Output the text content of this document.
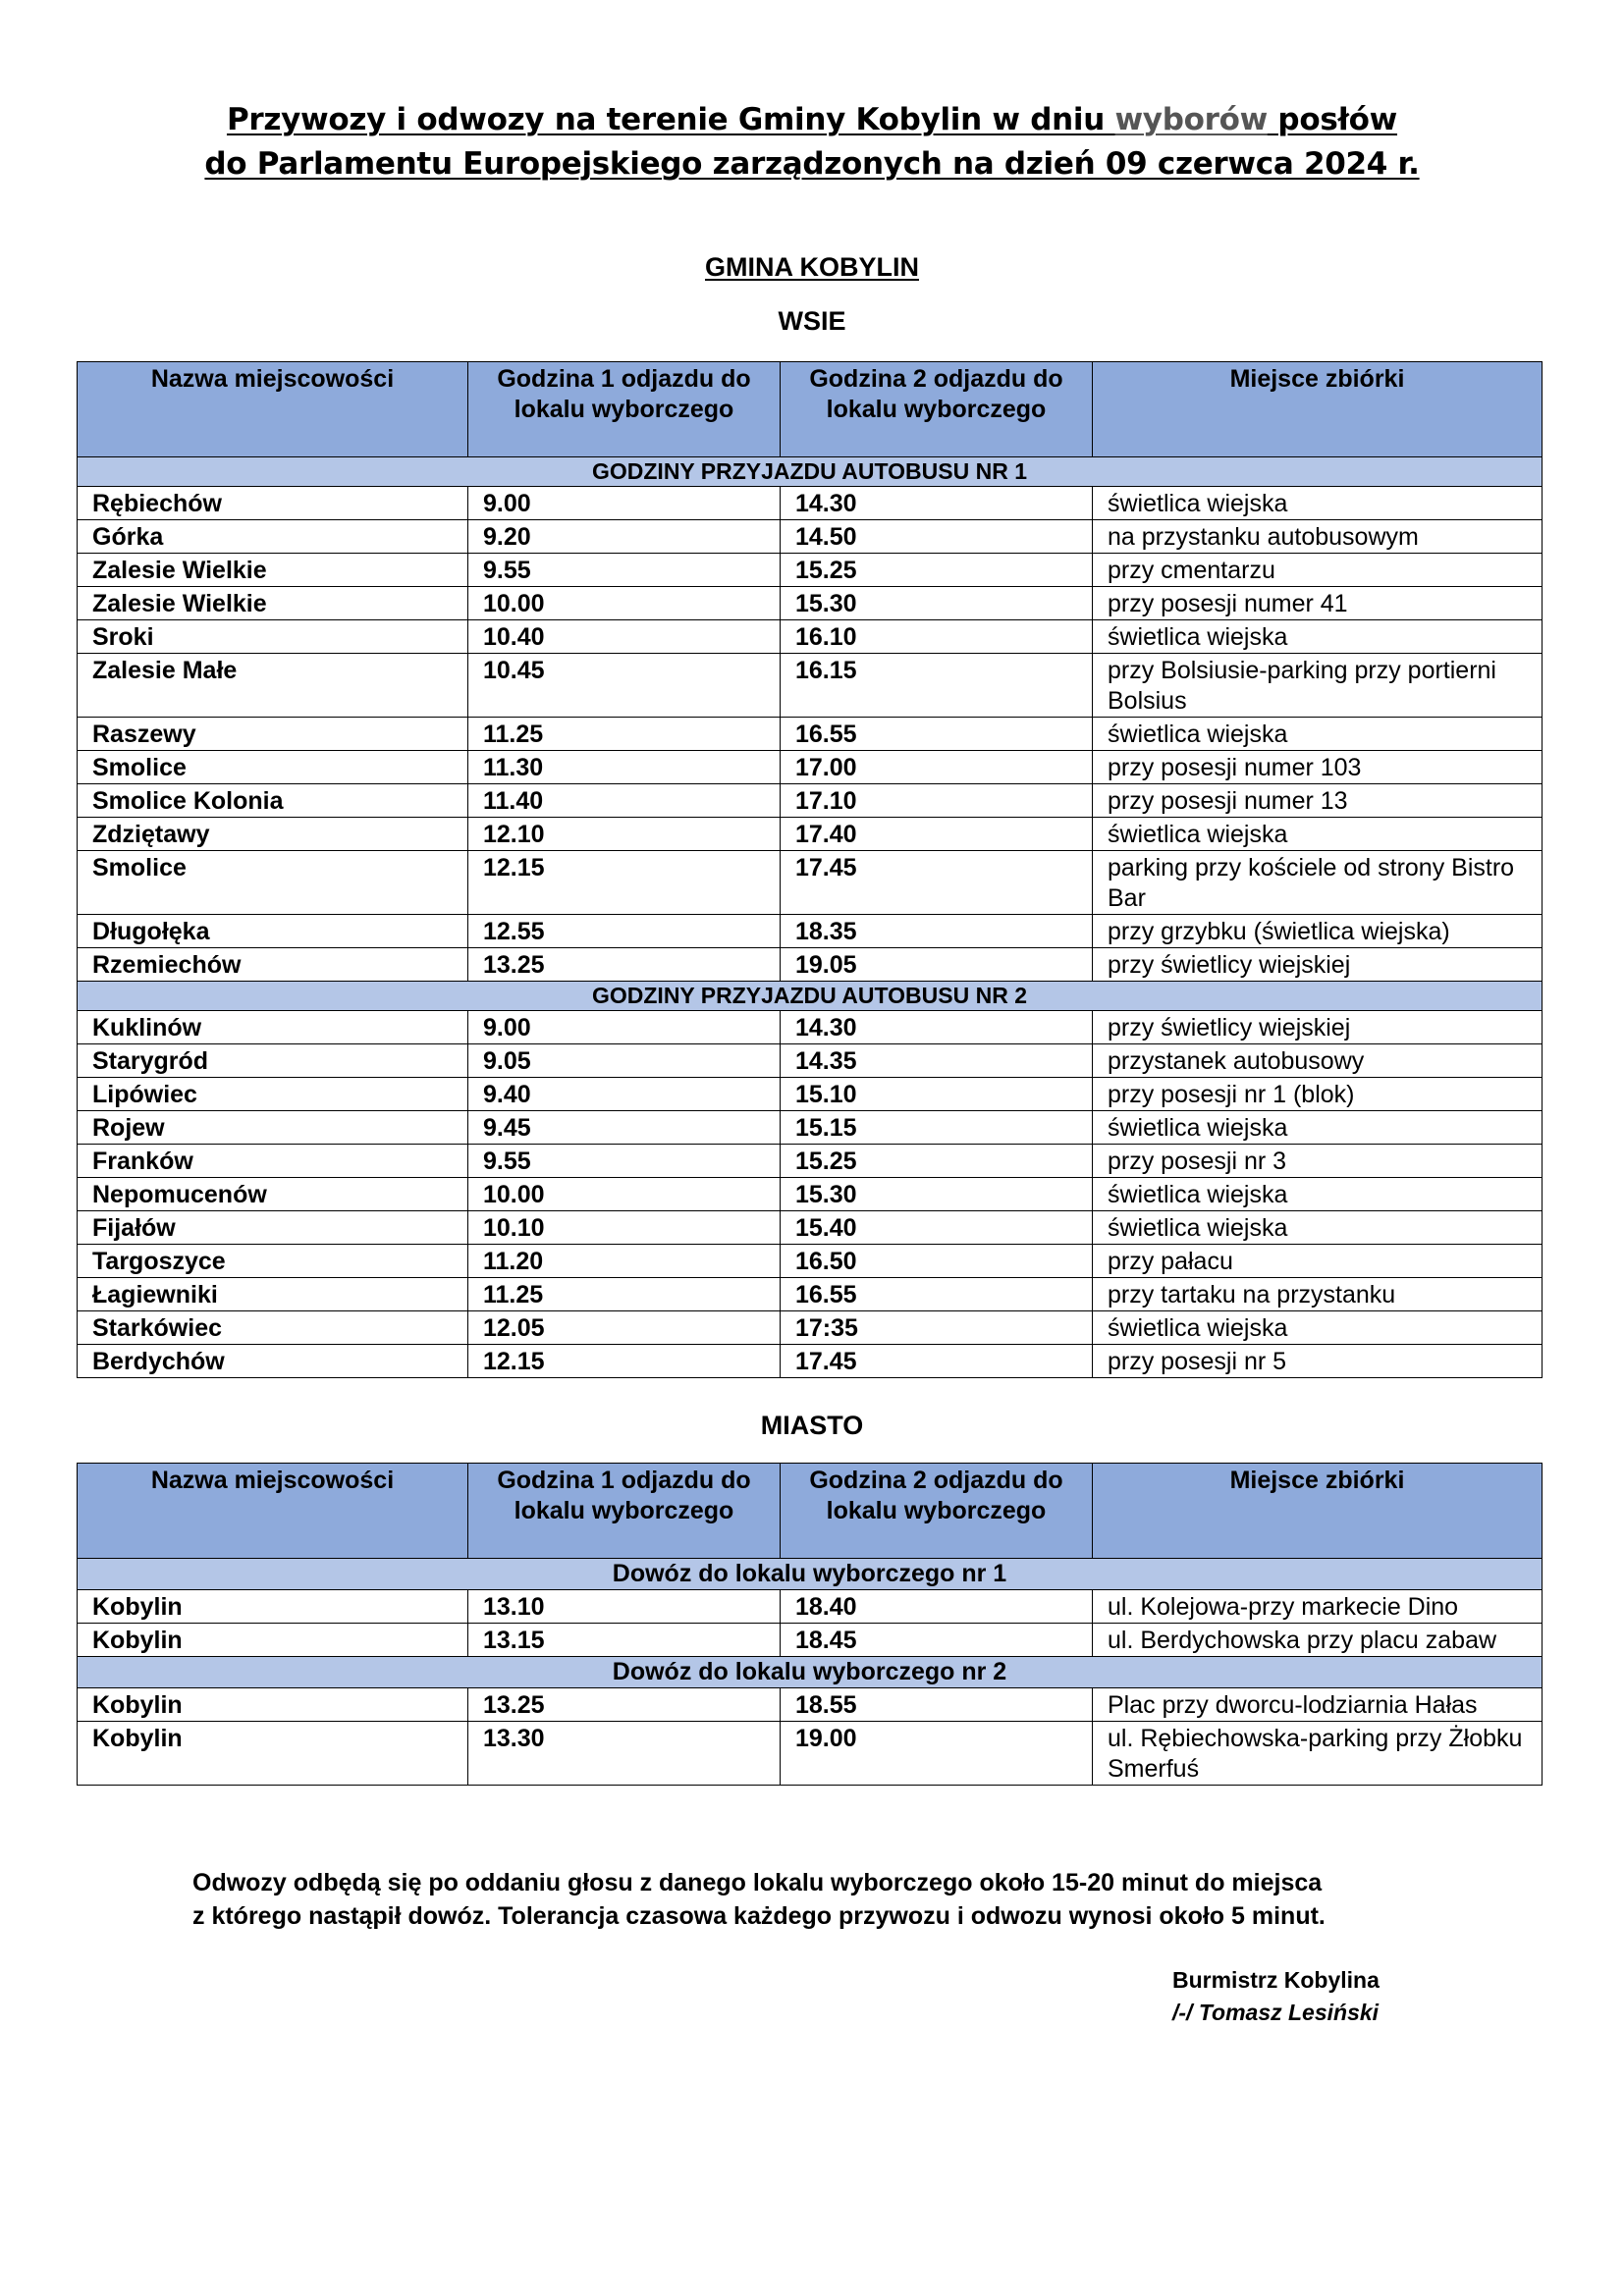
Przywozy i odwozy na terenie Gminy Kobylin w dniu wyborów posłów
do Parlamentu Europejskiego zarządzonych na dzień 09 czerwca 2024 r.
GMINA KOBYLIN
WSIE
Nazwa miejscowości	Godzina 1 odjazdu do lokalu wyborczego	Godzina 2 odjazdu do lokalu wyborczego	Miejsce zbiórki
GODZINY PRZYJAZDU AUTOBUSU NR 1			
Rębiechów	9.00	14.30	świetlica wiejska
Górka	9.20	14.50	na przystanku autobusowym
Zalesie Wielkie	9.55	15.25	przy cmentarzu
Zalesie Wielkie	10.00	15.30	przy posesji numer 41
Sroki	10.40	16.10	świetlica wiejska
Zalesie Małe	10.45	16.15	przy Bolsiusie-parking przy portierni Bolsius
Raszewy	11.25	16.55	świetlica wiejska
Smolice	11.30	17.00	przy posesji numer 103
Smolice Kolonia	11.40	17.10	przy posesji numer 13
Zdziętawy	12.10	17.40	świetlica wiejska
Smolice	12.15	17.45	parking przy kościele od strony Bistro Bar
Długołęka	12.55	18.35	przy grzybku (świetlica wiejska)
Rzemiechów	13.25	19.05	przy świetlicy wiejskiej
GODZINY PRZYJAZDU AUTOBUSU NR 2			
Kuklinów	9.00	14.30	przy świetlicy wiejskiej
Starygród	9.05	14.35	przystanek autobusowy
Lipówiec	9.40	15.10	przy posesji nr 1 (blok)
Rojew	9.45	15.15	świetlica wiejska
Franków	9.55	15.25	przy posesji nr 3
Nepomucenów	10.00	15.30	świetlica wiejska
Fijałów	10.10	15.40	świetlica wiejska
Targoszyce	11.20	16.50	przy pałacu
Łagiewniki	11.25	16.55	przy tartaku na przystanku
Starkówiec	12.05	17:35	świetlica wiejska
Berdychów	12.15	17.45	przy posesji nr 5
MIASTO
Nazwa miejscowości	Godzina 1 odjazdu do lokalu wyborczego	Godzina 2 odjazdu do lokalu wyborczego	Miejsce zbiórki
Dowóz do lokalu wyborczego nr 1			
Kobylin	13.10	18.40	ul. Kolejowa-przy markecie Dino
Kobylin	13.15	18.45	ul. Berdychowska przy placu zabaw
Dowóz do lokalu wyborczego nr 2			
Kobylin	13.25	18.55	Plac przy dworcu-lodziarnia Hałas
Kobylin	13.30	19.00	ul. Rębiechowska-parking przy Żłobku Smerfuś
Odwozy odbędą się po oddaniu głosu z danego lokalu wyborczego około 15-20 minut do miejsca
z którego nastąpił dowóz. Tolerancja czasowa każdego przywozu i odwozu wynosi około 5 minut.
Burmistrz Kobylina
/-/ Tomasz Lesiński
